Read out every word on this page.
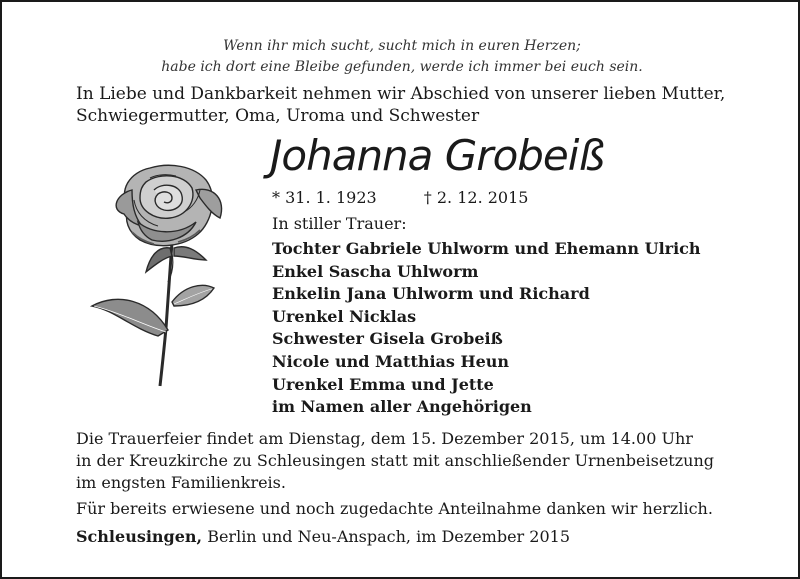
Wenn ihr mich sucht, sucht mich in euren Herzen;
habe ich dort eine Bleibe gefunden, werde ich immer bei euch sein.
In Liebe und Dankbarkeit nehmen wir Abschied von unserer lieben Mutter,
Schwiegermutter, Oma, Uroma und Schwester
Johanna Grobeiß
* 31. 1. 1923	† 2. 12. 2015
In stiller Trauer:
Tochter Gabriele Uhlworm und Ehemann Ulrich
Enkel Sascha Uhlworm
Enkelin Jana Uhlworm und Richard
Urenkel Nicklas
Schwester Gisela Grobeiß
Nicole und Matthias Heun
Urenkel Emma und Jette
im Namen aller Angehörigen
Die Trauerfeier findet am Dienstag, dem 15. Dezember 2015, um 14.00 Uhr
in der Kreuzkirche zu Schleusingen statt mit anschließender Urnenbeisetzung
im engsten Familienkreis.
Für bereits erwiesene und noch zugedachte Anteilnahme danken wir herzlich.
Schleusingen, Berlin und Neu-Anspach, im Dezember 2015
